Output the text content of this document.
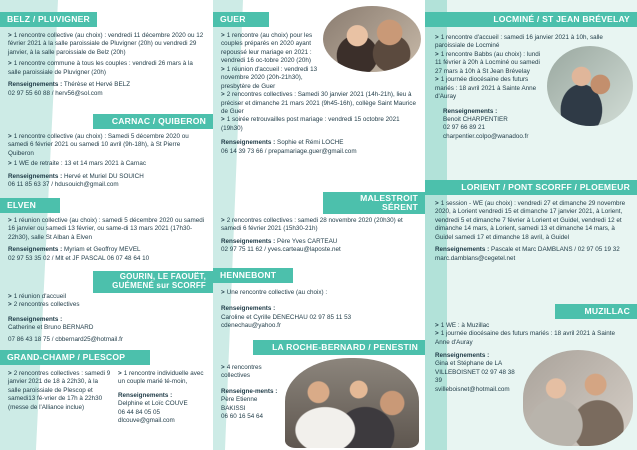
BELZ / PLUVIGNER
> 1 rencontre collective (au choix) : vendredi 11 décembre 2020 ou 12 février 2021 à la salle paroissiale de Pluvigner (20h) ou vendredi 29 janvier, à la salle paroissiale de Belz (20h)
> 1 rencontre commune à tous les couples : vendredi 26 mars à la salle paroissiale de Pluvigner (20h)
Renseignements : Thérèse et Hervé BELZ
02 97 55 60 88 / herv56@sol.com
CARNAC / QUIBERON
> 1 rencontre collective (au choix) : Samedi 5 décembre 2020 ou samedi 6 février 2021 ou samedi 10 avril (9h-18h), à St Pierre Quiberon
> 1 WE de retraite : 13 et 14 mars 2021 à Carnac
Renseignements : Hervé et Muriel DU SOUICH
06 11 85 63 37 / hdusouich@gmail.com
ELVEN
> 1 réunion collective (au choix) : samedi 5 décembre 2020 ou samedi 16 janvier ou samedi 13 février, ou same-di 13 mars 2021 (17h30-22h30), salle St Alban à Elven
Renseignements : Myriam et Geoffroy MEVEL
02 97 53 35 02 / Mlt et JF PASCAL 06 07 48 64 10
GOURIN, LE FAOUËT, GUÉMENÉ sur SCORFF
> 1 réunion d'accueil
> 2 rencontres collectives
Renseignements :
Catherine et Bruno BERNARD
07 86 43 18 75 / cbbernard25@hotmail.fr
GRAND-CHAMP / PLESCOP
> 2 rencontres collectives : samedi 9 janvier 2021 de 18 à 22h30, à la salle paroissiale de Plescop et samedi13 fé-vrier de 17h à 22h30 (messe de l'Alliance inclue)
> 1 rencontre individuelle avec un couple marié té-moin,
Renseignements :
Delphine et Loïc COUVE
06 44 84 05 05
dlcouve@gmail.com
GUER
> 1 rencontre (au choix) pour les couples préparés en 2020 ayant repoussé leur mariage en 2021 : vendredi 16 oc-tobre 2020 (20h)
> 1 réunion d'accueil : vendredi 13 novembre 2020 (20h-21h30), presbytère de Guer
> 2 rencontres collectives : Samedi 30 janvier 2021 (14h-21h), lieu à préciser et dimanche 21 mars 2021 (9h45-16h), collège Saint Maurice de Guer
> 1 soirée retrouvailles post mariage : vendredi 15 octobre 2021 (19h30)
Renseignements : Sophie et Rémi LOCHE
06 14 39 73 66 / prepamariage.guer@gmail.com
MALESTROIT SÉRENT
> 2 rencontres collectives : samedi 28 novembre 2020 (20h30) et samedi 6 février 2021 (15h30-21h)
Renseignements : Père Yves CARTEAU
02 97 75 11 62 / yves.carteau@laposte.net
HENNEBONT
> Une rencontre collective (au choix) :
Renseignements :
Caroline et Cyrille DENECHAU 02 97 85 11 53
cdenechau@yahoo.fr
LA ROCHE-BERNARD / PENESTIN
> 4 rencontres collectives
Renseigne-ments :
Père Etienne BAKISSI
06 60 16 54 64
LOCMINÉ / ST JEAN BRÉVELAY
> 1 rencontre d'accueil : samedi 16 janvier 2021 à 10h, salle paroissiale de Locminé
> 1 rencontre Babbs (au choix) : lundi 11 février à 20h à Locminé ou samedi 27 mars à 10h à St Jean Brévelay
> 1 journée diocésaine des futurs mariés : 18 avril 2021 à Sainte Anne d'Auray
Renseignements :
Benoit CHARPENTIER
02 97 66 89 21
charpentier.colpo@wanadoo.fr
LORIENT / PONT SCORFF / PLOEMEUR
> 1 session - WE (au choix) : vendredi 27 et dimanche 29 novembre 2020, à Lorient vendredi 15 et dimanche 17 janvier 2021, à Lorient, vendredi 5 et dimanche 7 février à Lorient et Guidel, vendredi 12 et dimanche 14 mars, à Lorient, samedi 13 et dimanche 14 mars, à Guidel samedi 17 et dimanche 18 avril, à Guidel
Renseignements : Pascale et Marc DAMBLANS / 02 97 05 19 32
marc.damblans@cegetel.net
MUZILLAC
> 1 WE : à Muzillac
> 1 journée diocésaine des futurs mariés : 18 avril 2021 à Sainte Anne d'Auray
Renseignements :
Gina et Stéphane de LA VILLEBOISNET 02 97 48 38 39
svilleboisnet@hotmail.com
